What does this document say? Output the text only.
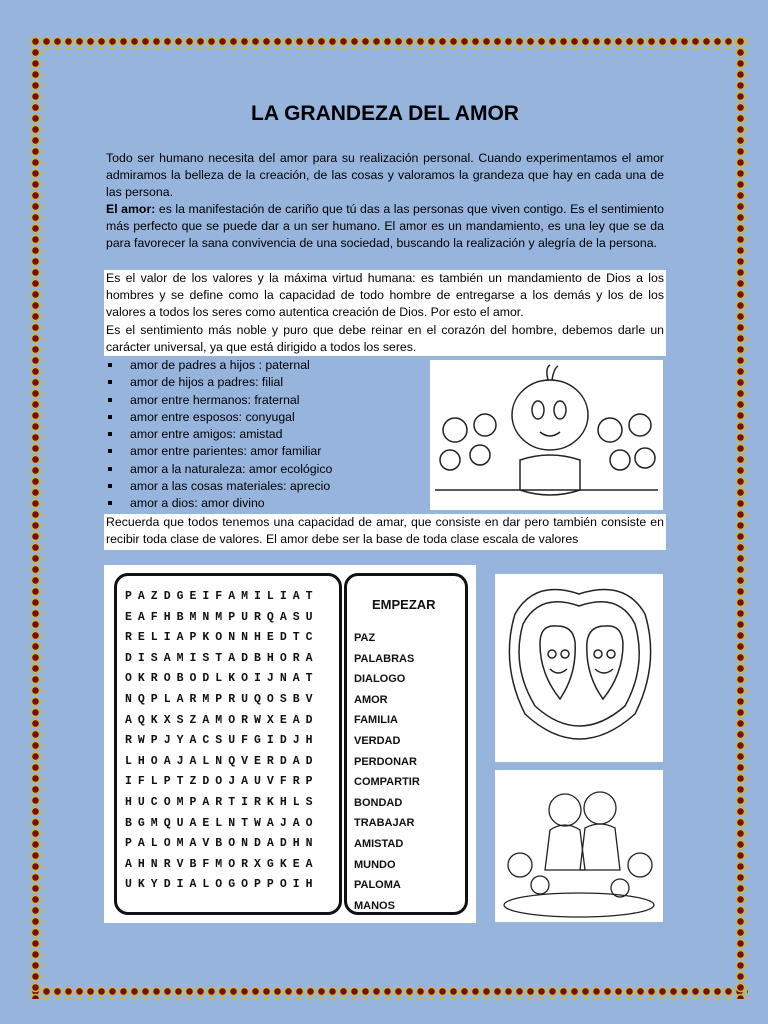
LA GRANDEZA DEL AMOR
Todo ser humano necesita del amor para su realización personal. Cuando experimentamos el amor admiramos la belleza de la creación, de las cosas y valoramos la grandeza que hay en cada una de las persona.
El amor: es la manifestación de cariño que tú das a las personas que viven contigo. Es el sentimiento más perfecto que se puede dar a un ser humano. El amor es un mandamiento, es una ley que se da para favorecer la sana convivencia de una sociedad, buscando la realización y alegría de la persona.
Es el valor de los valores y la máxima virtud humana: es también un mandamiento de Dios a los hombres y se define como la capacidad de todo hombre de entregarse a los demás y los de los valores a todos los seres como autentica creación de Dios. Por esto el amor.
Es el sentimiento más noble y puro que debe reinar en el corazón del hombre, debemos darle un carácter universal, ya que está dirigido a todos los seres.
amor de padres a hijos : paternal
amor de hijos a padres: filial
amor entre hermanos: fraternal
amor entre esposos: conyugal
amor entre amigos: amistad
amor entre parientes: amor familiar
amor a la naturaleza: amor ecológico
amor a las cosas materiales: aprecio
amor a dios: amor divino
Recuerda que todos tenemos una capacidad de amar, que consiste en dar pero también consiste en recibir toda clase de valores. El amor debe ser la base de toda clase escala de valores
EMPEZAR
PAZDGEIFAMILIAT
EAFHBMNMPURQASU
RELIAPKONNHEDTC
DISAMISTADBHORA
OKROBODLKOIJNAT
NQPLARMPRUQOSBV
AQKXSZAMORWXEAD
RWPJYACSUFGIDJH
LHOAJALNQVERDAD
IFLPTZDOJAUVFRP
HUCOMPARTIRKHLS
BGMQUAELNTWAJAO
PALOMAVBONDADHN
AHNRVBFMORXGKEA
UKYDIALOGOPPOIH
PAZ
PALABRAS
DIALOGO
AMOR
FAMILIA
VERDAD
PERDONAR
COMPARTIR
BONDAD
TRABAJAR
AMISTAD
MUNDO
PALOMA
MANOS
